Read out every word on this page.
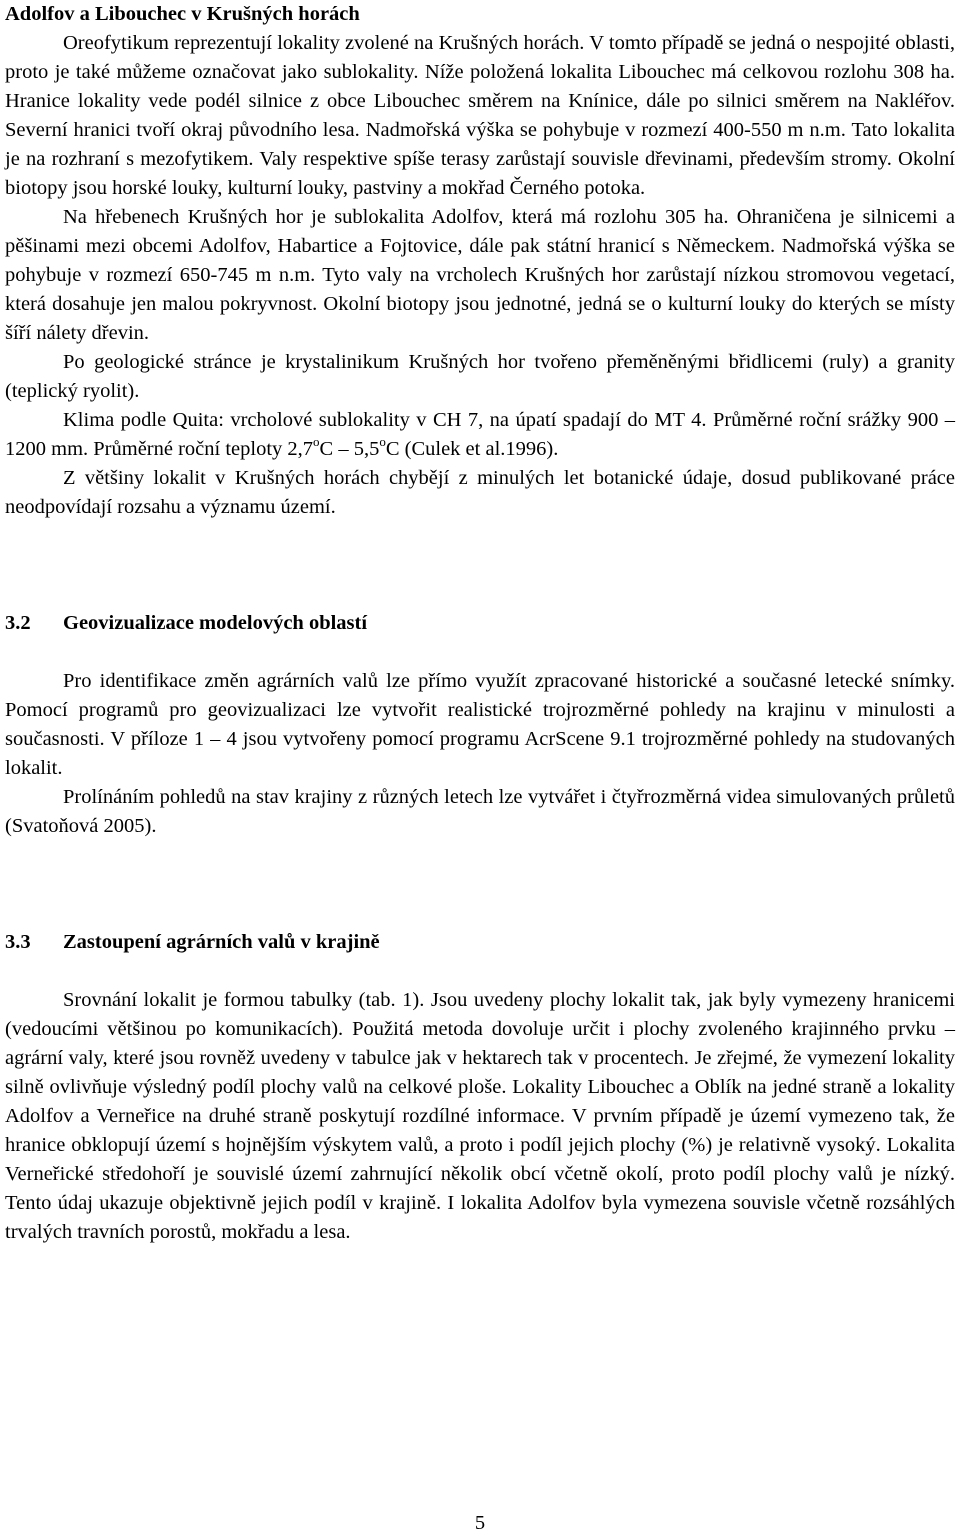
Adolfov a Libouchec v Krušných horách

Oreofytikum reprezentují lokality zvolené na Krušných horách. V tomto případě se jedná o nespojité oblasti, proto je také můžeme označovat jako sublokality. Níže položená lokalita Libouchec má celkovou rozlohu 308 ha. Hranice lokality vede podél silnice z obce Libouchec směrem na Knínice, dále po silnici směrem na Nakléřov. Severní hranici tvoří okraj původního lesa. Nadmořská výška se pohybuje v rozmezí 400-550 m n.m. Tato lokalita je na rozhraní s mezofytikem. Valy respektive spíše terasy zarůstají souvisle dřevinami, především stromy. Okolní biotopy jsou horské louky, kulturní louky, pastviny a mokřad Černého potoka.

Na hřebenech Krušných hor je sublokalita Adolfov, která má rozlohu 305 ha. Ohraničena je silnicemi a pěšinami mezi obcemi Adolfov, Habartice a Fojtovice, dále pak státní hranicí s Německem. Nadmořská výška se pohybuje v rozmezí 650-745 m n.m. Tyto valy na vrcholech Krušných hor zarůstají nízkou stromovou vegetací, která dosahuje jen malou pokryvnost. Okolní biotopy jsou jednotné, jedná se o kulturní louky do kterých se místy šíří nálety dřevin.

Po geologické stránce je krystalinikum Krušných hor tvořeno přeměněnými břidlicemi (ruly) a granity (teplický ryolit).

Klima podle Quita: vrcholové sublokality v CH 7, na úpatí spadají do MT 4. Průměrné roční srážky 900 – 1200 mm. Průměrné roční teploty 2,7$^o$C – 5,5$^o$C (Culek et al.1996).

Z většiny lokalit v Krušných horách chybějí z minulých let botanické údaje, dosud publikované práce neodpovídají rozsahu a významu území.

3.2	Geovizualizace modelových oblastí

Pro identifikace změn agrárních valů lze přímo využít zpracované historické a současné letecké snímky. Pomocí programů pro geovizualizaci lze vytvořit realistické trojrozměrné pohledy na krajinu v minulosti a současnosti. V příloze 1 – 4 jsou vytvořeny pomocí programu AcrScene 9.1 trojrozměrné pohledy na studovaných lokalit.

Prolínáním pohledů na stav krajiny z různých letech lze vytvářet i čtyřrozměrná videa simulovaných průletů (Svatoňová 2005).

3.3	Zastoupení agrárních valů v krajině

Srovnání lokalit je formou tabulky (tab. 1). Jsou uvedeny plochy lokalit tak, jak byly vymezeny hranicemi (vedoucími většinou po komunikacích). Použitá metoda dovoluje určit i plochy zvoleného krajinného prvku – agrární valy, které jsou rovněž uvedeny v tabulce jak v hektarech tak v procentech. Je zřejmé, že vymezení lokality silně ovlivňuje výsledný podíl plochy valů na celkové ploše. Lokality Libouchec a Oblík na jedné straně a lokality Adolfov a Verneřice na druhé straně poskytují rozdílné informace. V prvním případě je území vymezeno tak, že hranice obklopují území s hojnějším výskytem valů, a proto i podíl jejich plochy (%) je relativně vysoký. Lokalita Verneřické středohoří je souvislé území zahrnující několik obcí včetně okolí, proto podíl plochy valů je nízký. Tento údaj ukazuje objektivně jejich podíl v krajině. I lokalita Adolfov byla vymezena souvisle včetně rozsáhlých trvalých travních porostů, mokřadu a lesa.

5
